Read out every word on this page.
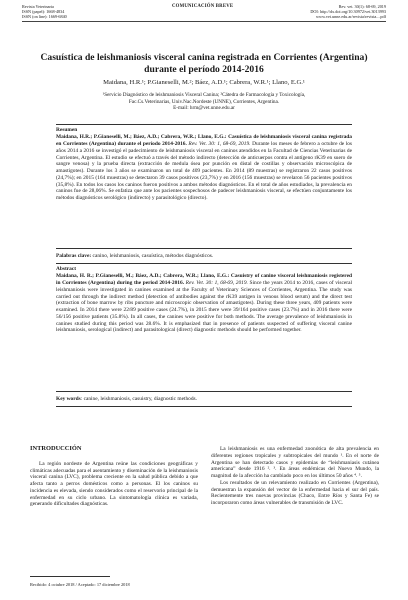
Revista Veterinaria
ISSN (papel): 1668-4834
ISSN (on line): 1669-6840
COMUNICACIÓN BREVE	Rev. vet. 30(1): 68-69, 2019
DOI: http://dx.doi.org/10.30972/vet.3013993
www.vet.unne.edu.ar/revista/revista....pdf
Casuística de leishmaniosis visceral canina registrada en Corrientes (Argentina) durante el período 2014-2016
Maidana, H.R.¹; P.Gianeselli, M.²; Báez, A.D.¹; Cabrera, W.R.¹; Llano, E.G.¹
¹Servicio Diagnóstico de leishmaniosis Visceral Canina; ²Cátedra de Farmacología y Toxicología,
Fac.Cs.Veterinarias, Univ.Nac.Nordeste (UNNE), Corrientes, Argentina.
E-mail: hrm@vet.unne.edu.ar
Resumen
Maidana, H.R.; P.Gianeselli, M.; Báez, A.D.; Cabrera, W.R.; Llano, E.G.: Casuística de leishmaniosis visceral canina registrada en Corrientes (Argentina) durante el período 2014-2016. Rev. Vet. 30: 1, 68-69, 2019. Durante los meses de febrero a octubre de los años 2014 a 2016 se investigó el padecimiento de leishmaniosis visceral en caninos atendidos en la Facultad de Ciencias Veterinarias de Corrientes, Argentina. El estudio se efectuó a través del método indirecto (detección de anticuerpos contra el antígeno rK39 en suero de sangre venosa) y la prueba directa (extracción de medula ósea por punción en distal de costillas y observación microscópica de amastigotes). Durante los 3 años se examinaron un total de 409 pacientes. En 2014 (89 muestras) se registraron 22 casos positivos (24,7%); en 2015 (164 muestras) se detectaron 39 casos positivos (23,7%) y en 2016 (156 muestras) se revelaron 56 pacientes positivos (35,8%). En todos los casos los caninos fueron positivos a ambos métodos diagnósticos. En el total de años estudiados, la prevalencia en caninos fue de 28,06%. Se enfatiza que ante los pacientes sospechosos de padecer leishmaniosis visceral, se efectúen conjuntamente los métodos diagnósticos serológico (indirecto) y parasitológico (directo).
Palabras clave: canino, leishmaniosis, casuística, métodos diagnósticos.
Abstract
Maidana, H. R.; P.Gianeselli, M.; Báez, A.D.; Cabrera, W.R.; Llano, E.G.: Casuistry of canine visceral leishmaniosis registered in Corrientes (Argentina) during the period 2014-2016. Rev. Vet. 30: 1, 68-69, 2019. Since the years 2014 to 2016, cases of visceral leishmaniosis were investigated in canines examined at the Faculty of Veterinary Sciences of Corrientes, Argentina. The study was carried out through the indirect method (detection of antibodies against the rK39 antigen in venous blood serum) and the direct test (extraction of bone marrow by ribs puncture and microscopic observation of amastigotes). During these three years, 409 patients were examined. In 2014 there were 22/89 positive cases (24.7%), in 2015 there were 39/164 positive cases (23.7%) and in 2016 there were 56/156 positive patients (35.8%). In all cases, the canines were positive for both methods. The average prevalence of leishmaniosis in canines studied during this period was 28.6%. It is emphasized that in presence of patients suspected of suffering visceral canine leishmaniosis, serological (indirect) and parasitological (direct) diagnostic methods should be performed together.
Key words: canine, leishmaniosis, casuistry, diagnostic methods.
INTRODUCCIÓN

La región nordeste de Argentina reúne las condiciones geográficas y climáticas adecuadas para el asentamiento y diseminación de la leishmaniosis visceral canina (LVC), problema creciente en la salud pública debido a que afecta tanto a perros domésticos como a personas. El los caninos su incidencia es elevada, siendo considerados como el reservorio principal de la enfermedad en su ciclo urbano. La sintomatología clínica es variada, generando dificultades diagnósticas.

La leishmaniosis es una enfermedad zoonótica de alta prevalencia en diferentes regiones tropicales y subtropicales del mundo ¹. En el norte de Argentina se han detectado casos y epidemias de “leishmaniasis cutánea americana” desde 1916 ². ³. En áreas endémicas del Nuevo Mundo, la magnitud de la afección ha cambiado poco en los últimos 50 años ⁴. ⁵.

Los resultados de un relevamiento realizado en Corrientes (Argentina), demuestran la expansión del vector de la enfermedad hacia el sur del país. Recientemente tres nuevas provincias (Chaco, Entre Ríos y Santa Fe) se incorporaron como áreas vulnerables de transmisión de LVC.

Recibido: 4 octubre 2018 / Aceptado: 17 diciembre 2018
